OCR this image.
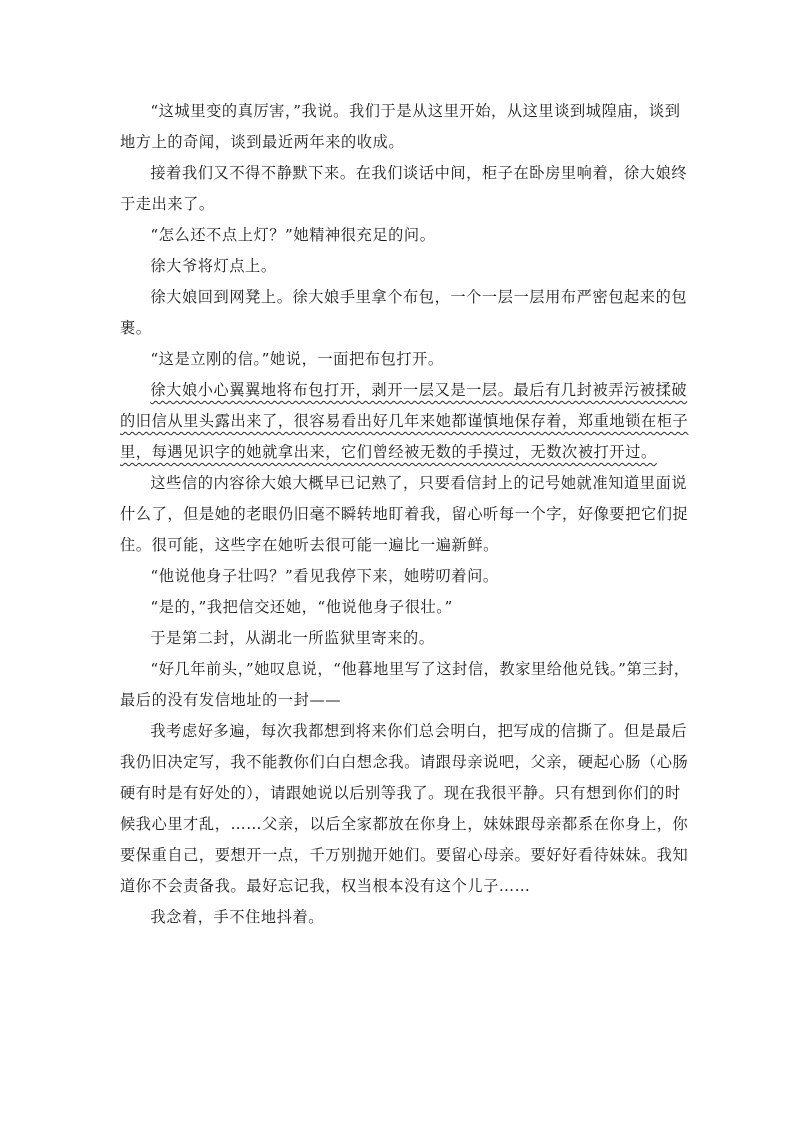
“这城里变的真厉害，”我说。我们于是从这里开始，从这里谈到城隍庙，谈到地方上的奇闻，谈到最近两年来的收成。

接着我们又不得不静默下来。在我们谈话中间，柜子在卧房里响着，徐大娘终于走出来了。

“怎么还不点上灯？”她精神很充足的问。

徐大爷将灯点上。

徐大娘回到网凳上。徐大娘手里拿个布包，一个一层一层用布严密包起来的包裹。

“这是立刚的信。”她说，一面把布包打开。

徐大娘小心翼翼地将布包打开，剥开一层又是一层。最后有几封被弄污被揉破的旧信从里头露出来了，很容易看出好几年来她都谨慎地保存着，郑重地锁在柜子里，每遇见识字的她就拿出来，它们曾经被无数的手摸过，无数次被打开过。

这些信的内容徐大娘大概早已记熟了，只要看信封上的记号她就准知道里面说什么了，但是她的老眼仍旧毫不瞬转地盯着我，留心听每一个字，好像要把它们捉住。很可能，这些字在她听去很可能一遍比一遍新鲜。

“他说他身子壮吗？”看见我停下来，她唠叨着问。

“是的，”我把信交还她，“他说他身子很壮。”

于是第二封，从湖北一所监狱里寄来的。

“好几年前头，”她叹息说，“他暮地里写了这封信，教家里给他兑钱。”第三封，最后的没有发信地址的一封——

我考虑好多遍，每次我都想到将来你们总会明白，把写成的信撕了。但是最后我仍旧决定写，我不能教你们白白想念我。请跟母亲说吧，父亲，硬起心肠（心肠硬有时是有好处的），请跟她说以后别等我了。现在我很平静。只有想到你们的时候我心里才乱，……父亲，以后全家都放在你身上，妹妹跟母亲都系在你身上，你要保重自己，要想开一点，千万别抛开她们。要留心母亲。要好好看待妹妹。我知道你不会责备我。最好忘记我，权当根本没有这个儿子……

我念着，手不住地抖着。
